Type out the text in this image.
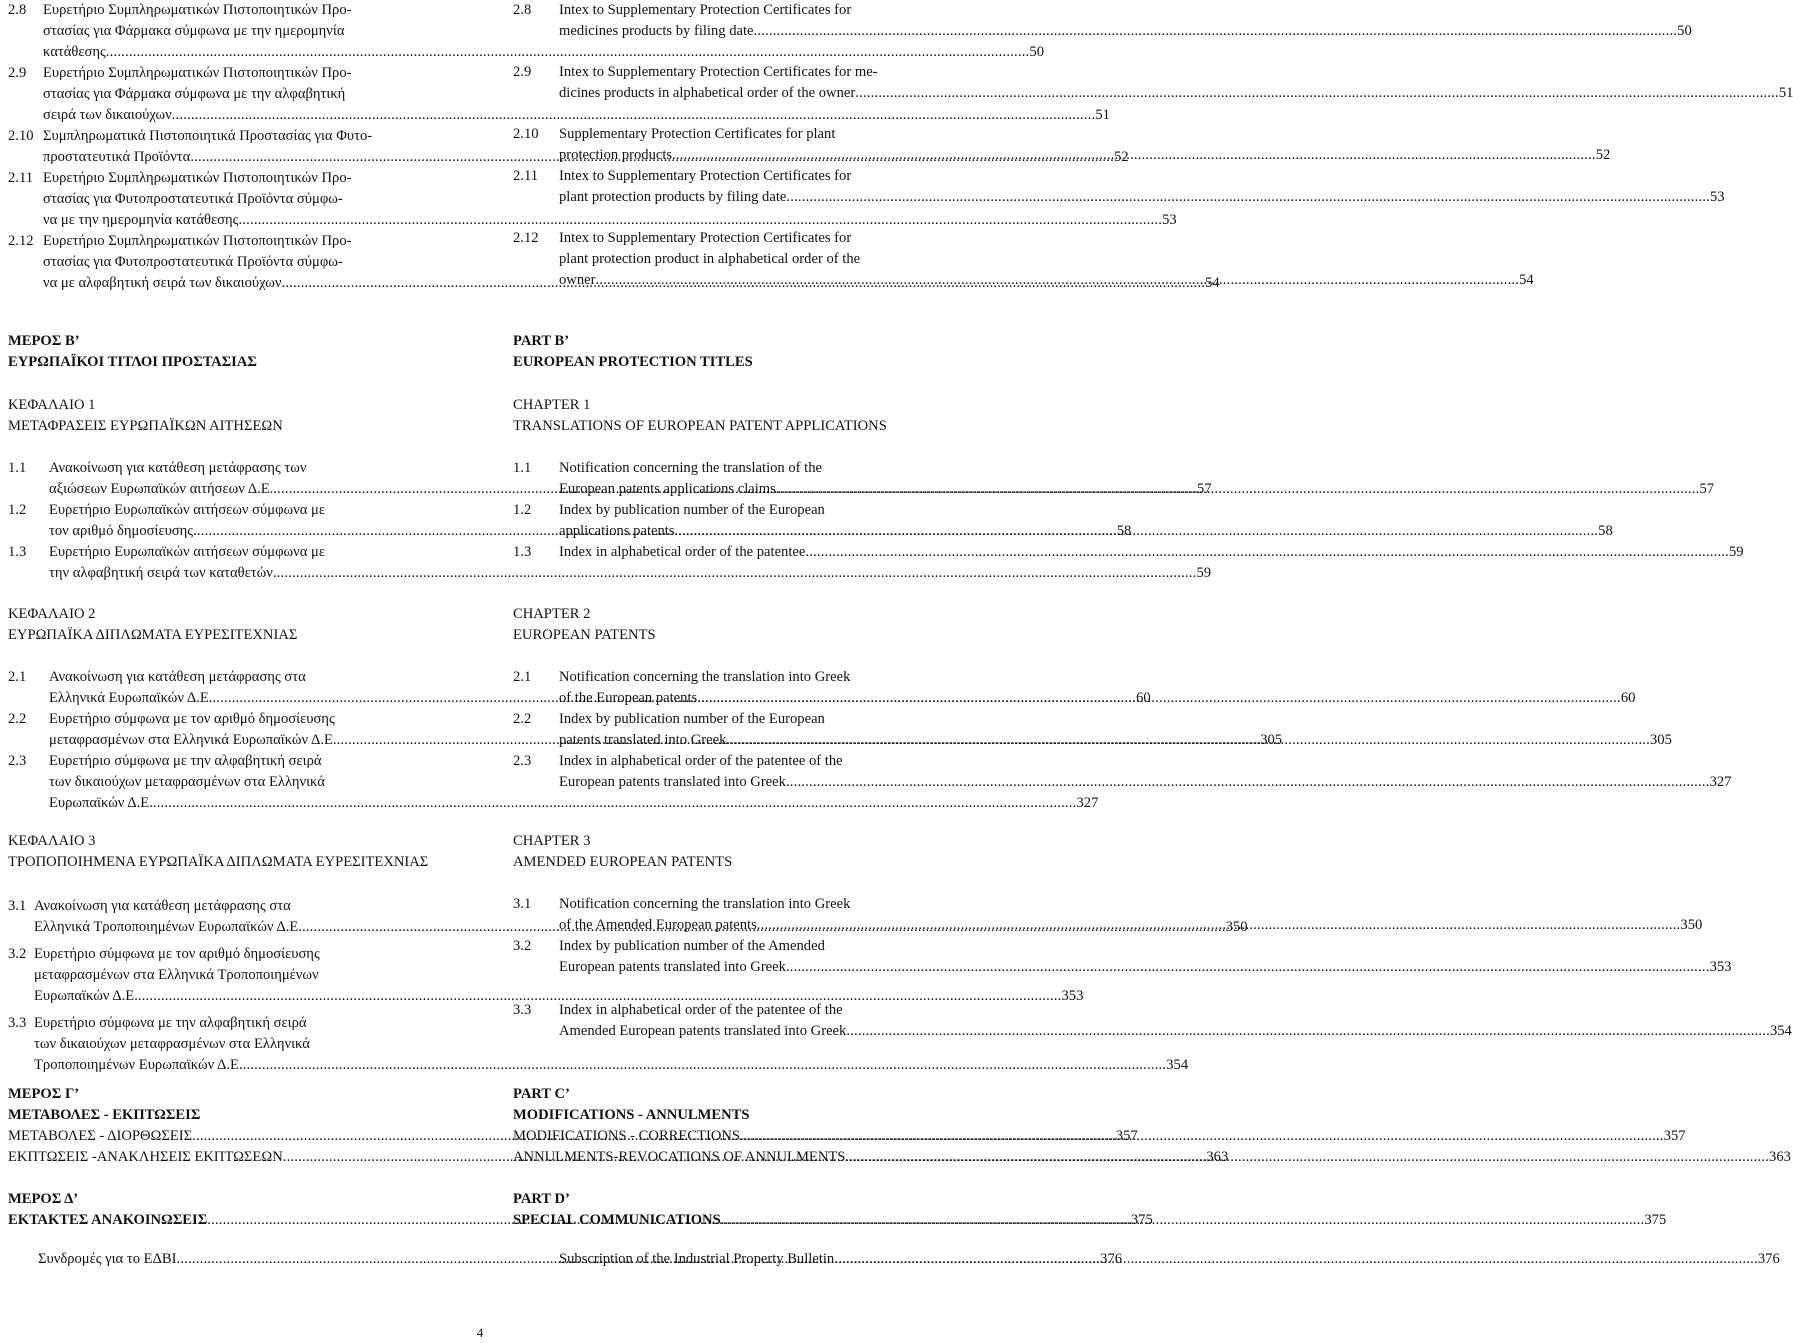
2.8	Ευρετήριο Συμπληρωματικών Πιστοποιητικών Προ-
στασίας για Φάρμακα σύμφωνα με την ημερομηνία
κατάθεσης .....	50
2.9	Ευρετήριο Συμπληρωματικών Πιστοποιητικών Προ-
στασίας για Φάρμακα σύμφωνα με την αλφαβητική
σειρά των δικαιούχων .....	51
2.10 Συμπληρωματικά Πιστοποιητικά Προστασίας για Φυτο-
προστατευτικά Προϊόντα .....	52
2.11 Ευρετήριο Συμπληρωματικών Πιστοποιητικών Προ-
στασίας για Φυτοπροστατευτικά Προϊόντα σύμφω-
να με την ημερομηνία κατάθεσης .....	53
2.12 Ευρετήριο Συμπληρωματικών Πιστοποιητικών Προ-
στασίας για Φυτοπροστατευτικά Προϊόντα σύμφω-
να με αλφαβητική σειρά των δικαιούχων .....	54
ΜΕΡΟΣ Β’
ΕΥΡΩΠΑΪΚΟΙ ΤΙΤΛΟΙ ΠΡΟΣΤΑΣΙΑΣ
ΚΕΦΑΛΑΙΟ 1
ΜΕΤΑΦΡΑΣΕΙΣ ΕΥΡΩΠΑΪΚΩΝ ΑΙΤΗΣΕΩΝ
1.1	Ανακοίνωση για κατάθεση μετάφρασης των
αξιώσεων Ευρωπαϊκών αιτήσεων Δ.Ε. .....	57
1.2	Ευρετήριο Ευρωπαϊκών αιτήσεων σύμφωνα με
τον αριθμό δημοσίευσης .....	58
1.3	Ευρετήριο Ευρωπαϊκών αιτήσεων σύμφωνα με
την αλφαβητική σειρά των καταθετών .....	59
ΚΕΦΑΛΑΙΟ 2
ΕΥΡΩΠΑΪΚΑ ΔΙΠΛΩΜΑΤΑ ΕΥΡΕΣΙΤΕΧΝΙΑΣ
2.1	Ανακοίνωση για κατάθεση μετάφρασης στα
Ελληνικά Ευρωπαϊκών Δ.Ε. .....	60
2.2	Ευρετήριο σύμφωνα με τον αριθμό δημοσίευσης
μεταφρασμένων στα Ελληνικά Ευρωπαϊκών Δ.Ε. .....	305
2.3	Ευρετήριο σύμφωνα με την αλφαβητική σειρά
των δικαιούχων μεταφρασμένων στα Ελληνικά
Ευρωπαϊκών Δ.Ε. .....	327
ΚΕΦΑΛΑΙΟ 3
ΤΡΟΠΟΠΟΙΗΜΕΝΑ ΕΥΡΩΠΑΪΚΑ ΔΙΠΛΩΜΑΤΑ ΕΥΡΕΣΙΤΕΧΝΙΑΣ
3.1 Ανακοίνωση για κατάθεση μετάφρασης στα
Ελληνικά Τροποποιημένων Ευρωπαϊκών Δ.Ε. .....	350
3.2 Ευρετήριο σύμφωνα με τον αριθμό δημοσίευσης
μεταφρασμένων στα Ελληνικά Τροποποιημένων
Ευρωπαϊκών Δ.Ε. .....	353
3.3 Ευρετήριο σύμφωνα με την αλφαβητική σειρά
των δικαιούχων μεταφρασμένων στα Ελληνικά
Τροποποιημένων Ευρωπαϊκών Δ.Ε. .....	354
ΜΕΡΟΣ Γ’
ΜΕΤΑΒΟΛΕΣ - ΕΚΠΤΩΣΕΙΣ
ΜΕΤΑΒΟΛΕΣ - ΔΙΟΡΘΩΣΕΙΣ .....	357
ΕΚΠΤΩΣΕΙΣ -ΑΝΑΚΛΗΣΕΙΣ ΕΚΠΤΩΣΕΩΝ .....	363
ΜΕΡΟΣ Δ’
ΕΚΤΑΚΤΕΣ ΑΝΑΚΟΙΝΩΣΕΙΣ .....	375
Συνδρομές για το ΕΔΒΙ .....	376
2.8	Intex to Supplementary Protection Certificates for
medicines products by filing date .....	50
2.9	Intex to Supplementary Protection Certificates for me-
dicines products in alphabetical order of the owner .....	51
2.10	Supplementary Protection Certificates for plant
protection products .....	52
2.11	Intex to Supplementary Protection Certificates for
plant protection products by filing date .....	53
2.12	Intex to Supplementary Protection Certificates for
plant protection product in alphabetical order of the
owner .....	54
PART B’
EUROPEAN PROTECTION TITLES
CHAPTER 1
TRANSLATIONS OF EUROPEAN PATENT APPLICATIONS
1.1	Notification concerning the translation of the
European patents applications claims .....	57
1.2	Index by publication number of the European
applications patents .....	58
1.3	Index in alphabetical order of the patentee .....	59
CHAPTER 2
EUROPEAN PATENTS
2.1	Notification concerning the translation into Greek
of the European patents .....	60
2.2	Index by publication number of the European
patents translated into Greek .....	305
2.3	Index in alphabetical order of the patentee of the
European patents translated into Greek .....	327
CHAPTER 3
AMENDED EUROPEAN PATENTS
3.1	Notification concerning the translation into Greek
of the Amended European patents .....	350
3.2	Index by publication number of the Amended
European patents translated into Greek .....	353
3.3	Index in alphabetical order of the patentee of the
Amended European patents translated into Greek .....	354
PART C’
MODIFICATIONS - ANNULMENTS
MODIFICATIONS - CORRECTIONS .....	357
ANNULMENTS-REVOCATIONS OF ANNULMENTS .....	363
PART D’
SPECIAL COMMUNICATIONS .....	375
Subscription of the Industrial Property Bulletin .....	376
4
